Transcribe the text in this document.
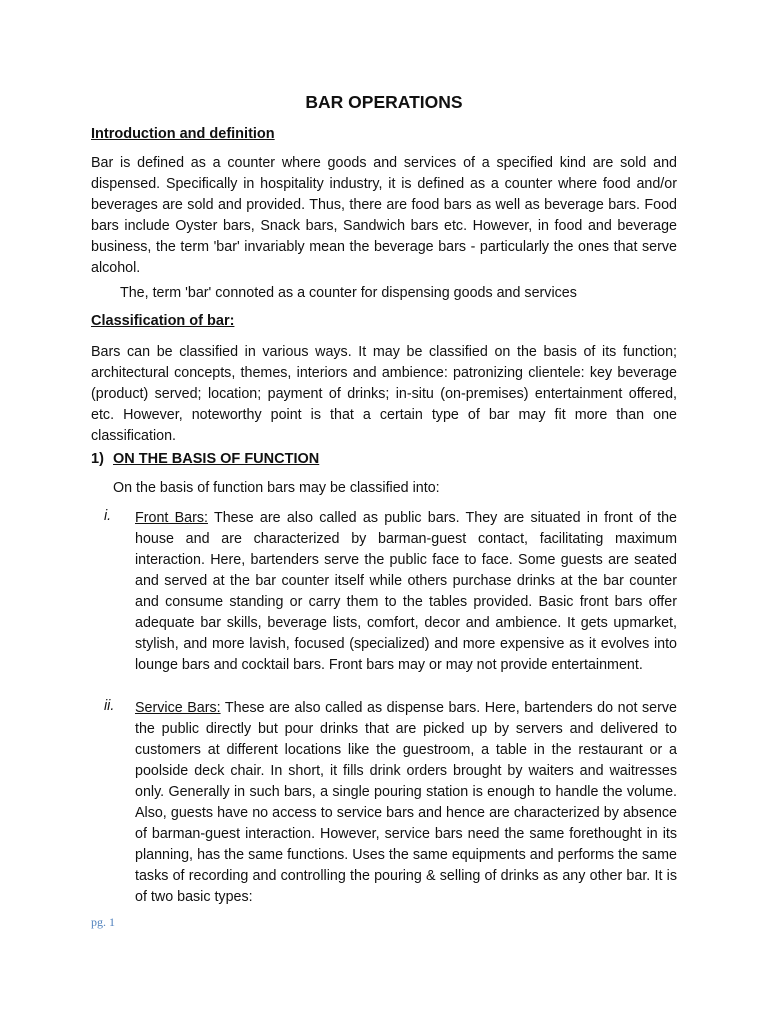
BAR OPERATIONS

Introduction and definition

Bar is defined as a counter where goods and services of a specified kind are sold and dispensed. Specifically in hospitality industry, it is defined as a counter where food and/or beverages are sold and provided. Thus, there are food bars as well as beverage bars. Food bars include Oyster bars, Snack bars, Sandwich bars etc. However, in food and beverage business, the term 'bar' invariably mean the beverage bars - particularly the ones that serve alcohol.

The, term 'bar' connoted as a counter for dispensing goods and services

Classification of bar:

Bars can be classified in various ways. It may be classified on the basis of its function; architectural concepts, themes, interiors and ambience: patronizing clientele: key beverage (product) served; location; payment of drinks; in-situ (on-premises) entertainment offered, etc. However, noteworthy point is that a certain type of bar may fit more than one classification.

1) ON THE BASIS OF FUNCTION

On the basis of function bars may be classified into:

i. Front Bars: These are also called as public bars. They are situated in front of the house and are characterized by barman-guest contact, facilitating maximum interaction. Here, bartenders serve the public face to face. Some guests are seated and served at the bar counter itself while others purchase drinks at the bar counter and consume standing or carry them to the tables provided. Basic front bars offer adequate bar skills, beverage lists, comfort, decor and ambience. It gets upmarket, stylish, and more lavish, focused (specialized) and more expensive as it evolves into lounge bars and cocktail bars. Front bars may or may not provide entertainment.

ii. Service Bars: These are also called as dispense bars. Here, bartenders do not serve the public directly but pour drinks that are picked up by servers and delivered to customers at different locations like the guestroom, a table in the restaurant or a poolside deck chair. In short, it fills drink orders brought by waiters and waitresses only. Generally in such bars, a single pouring station is enough to handle the volume. Also, guests have no access to service bars and hence are characterized by absence of barman-guest interaction. However, service bars need the same forethought in its planning, has the same functions. Uses the same equipments and performs the same tasks of recording and controlling the pouring & selling of drinks as any other bar. It is of two basic types:

pg. 1
